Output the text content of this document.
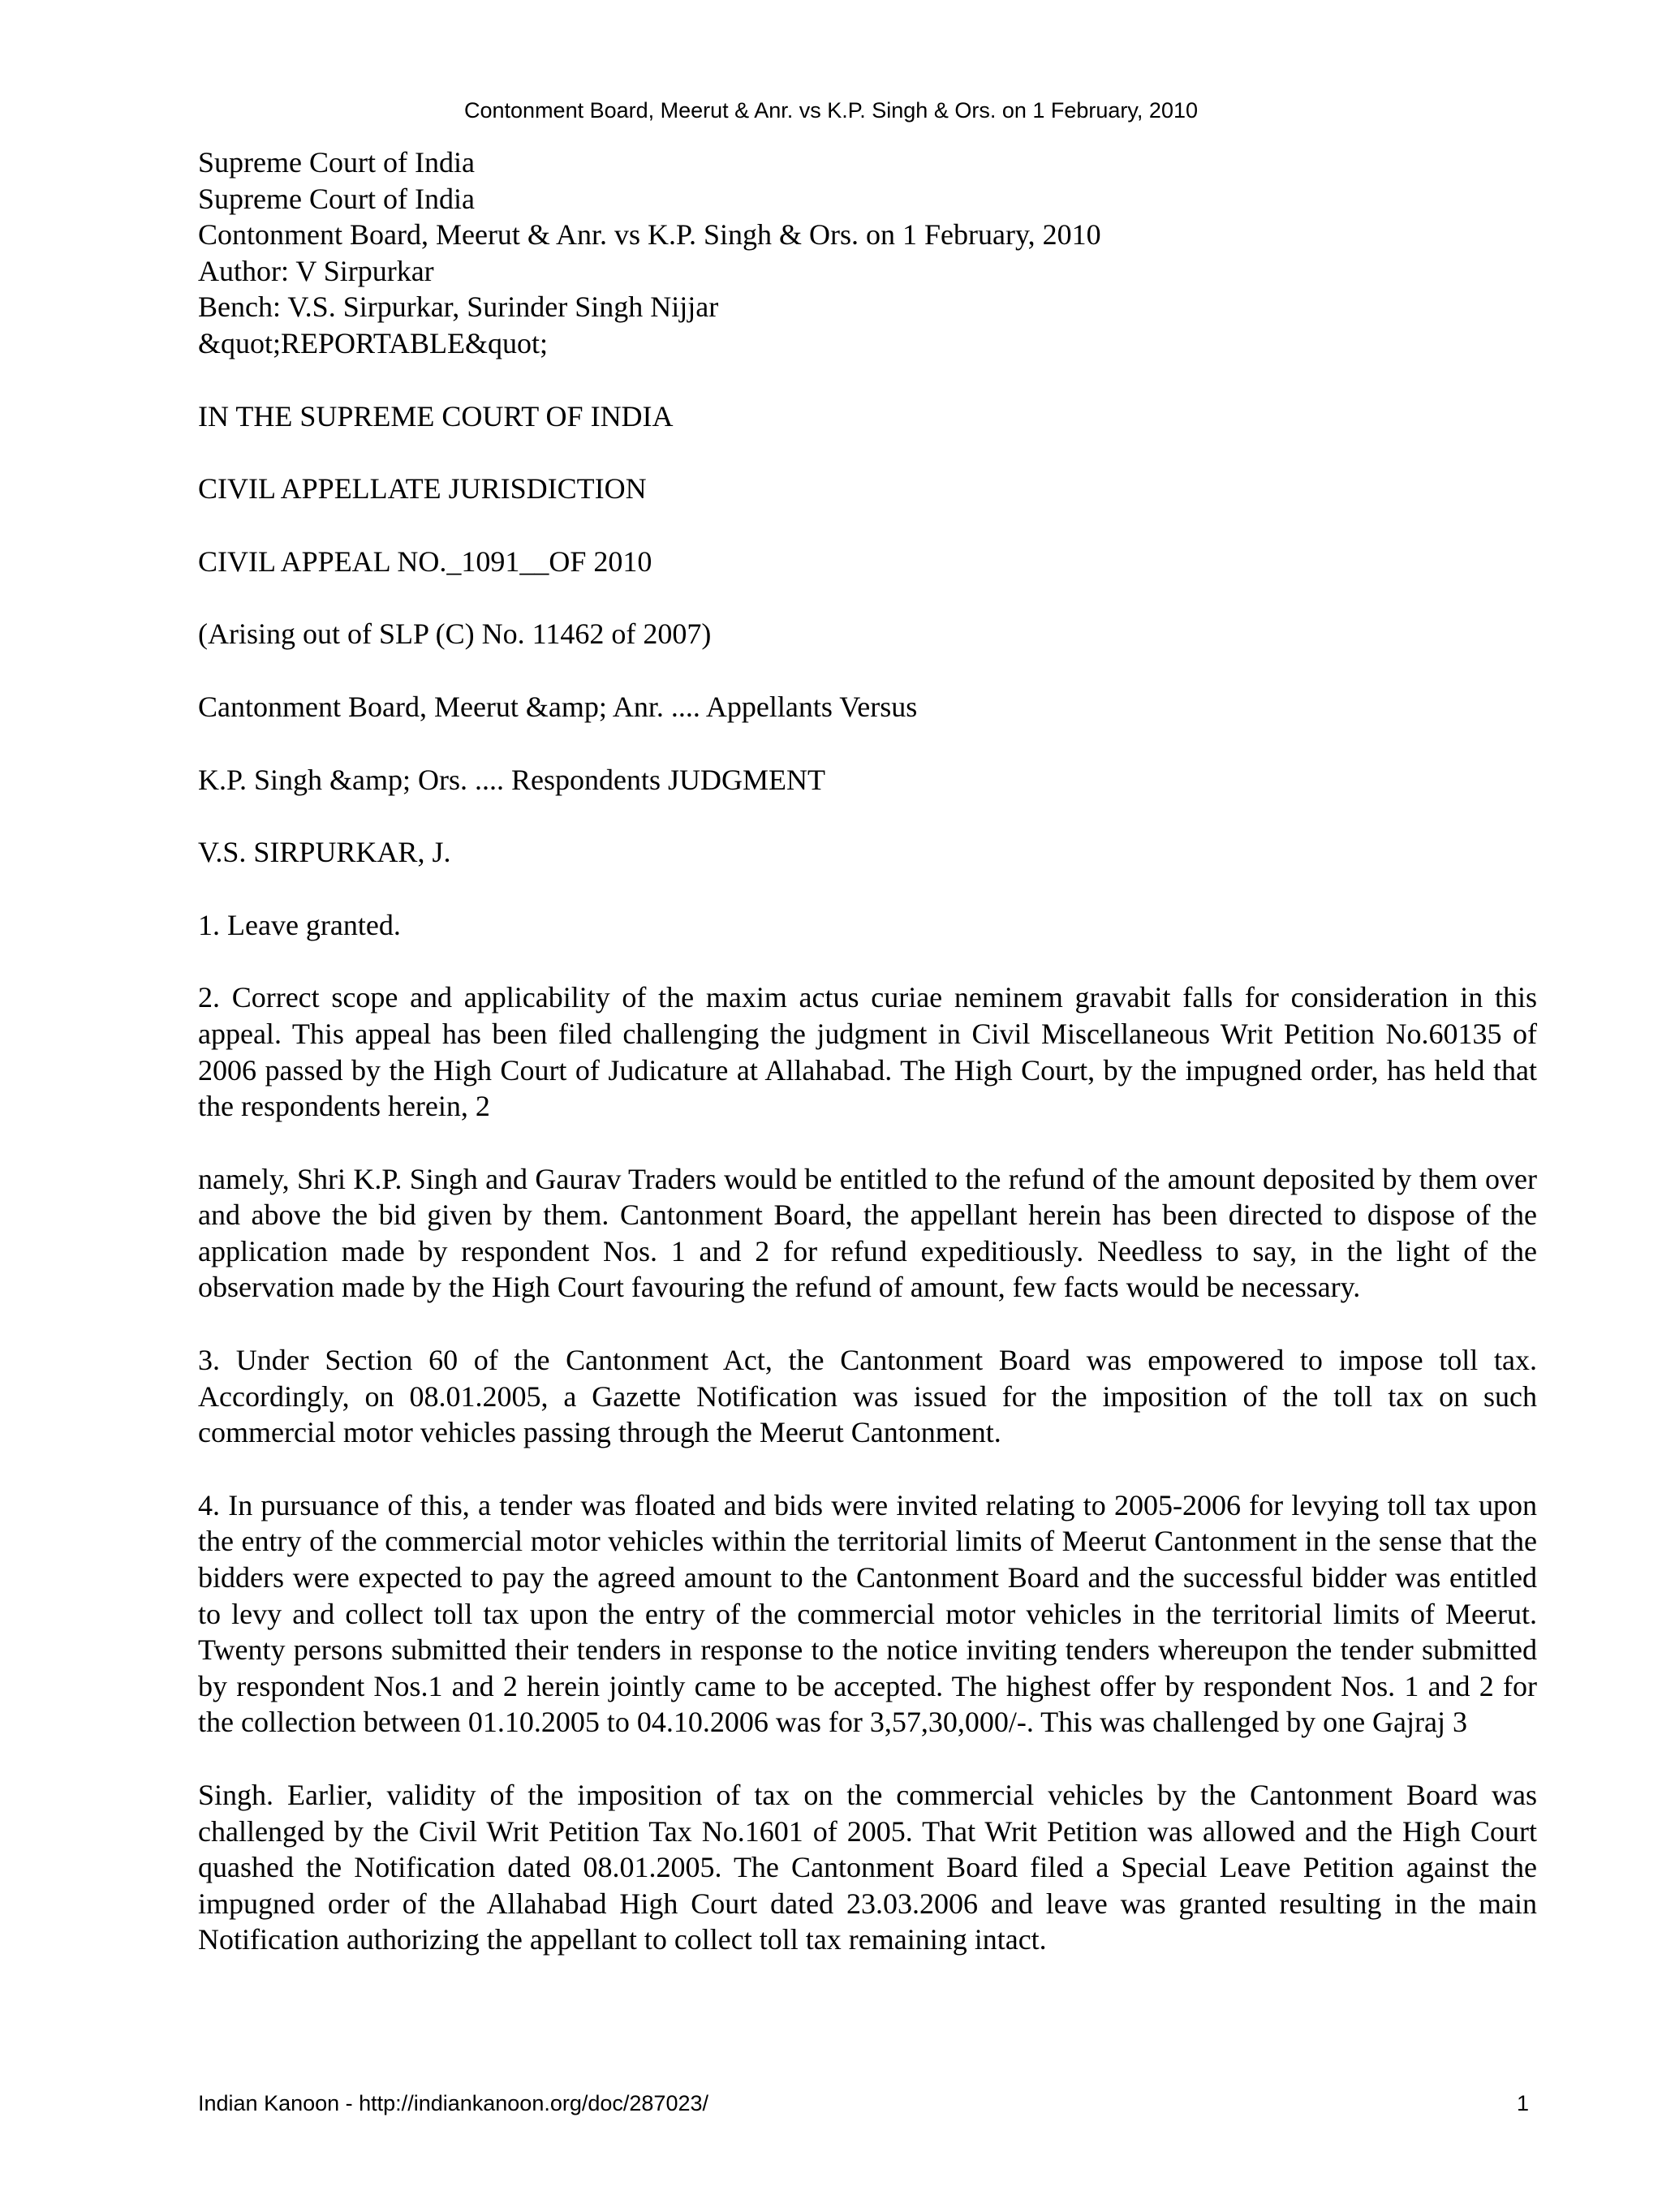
Contonment Board, Meerut & Anr. vs K.P. Singh & Ors. on 1 February, 2010

Supreme Court of India

Supreme Court of India

Contonment Board, Meerut & Anr. vs K.P. Singh & Ors. on 1 February, 2010

Author: V Sirpurkar

Bench: V.S. Sirpurkar, Surinder Singh Nijjar

&quot;REPORTABLE&quot;

IN THE SUPREME COURT OF INDIA

CIVIL APPELLATE JURISDICTION

CIVIL APPEAL NO._1091__OF 2010

(Arising out of SLP (C) No. 11462 of 2007)

Cantonment Board, Meerut &amp; Anr. .... Appellants Versus

K.P. Singh &amp; Ors. .... Respondents JUDGMENT

V.S. SIRPURKAR, J.

1. Leave granted.

2. Correct scope and applicability of the maxim actus curiae neminem gravabit falls for consideration in this appeal. This appeal has been filed challenging the judgment in Civil Miscellaneous Writ Petition No.60135 of 2006 passed by the High Court of Judicature at Allahabad. The High Court, by the impugned order, has held that the respondents herein, 2

namely, Shri K.P. Singh and Gaurav Traders would be entitled to the refund of the amount deposited by them over and above the bid given by them. Cantonment Board, the appellant herein has been directed to dispose of the application made by respondent Nos. 1 and 2 for refund expeditiously. Needless to say, in the light of the observation made by the High Court favouring the refund of amount, few facts would be necessary.

3. Under Section 60 of the Cantonment Act, the Cantonment Board was empowered to impose toll tax. Accordingly, on 08.01.2005, a Gazette Notification was issued for the imposition of the toll tax on such commercial motor vehicles passing through the Meerut Cantonment.

4. In pursuance of this, a tender was floated and bids were invited relating to 2005-2006 for levying toll tax upon the entry of the commercial motor vehicles within the territorial limits of Meerut Cantonment in the sense that the bidders were expected to pay the agreed amount to the Cantonment Board and the successful bidder was entitled to levy and collect toll tax upon the entry of the commercial motor vehicles in the territorial limits of Meerut. Twenty persons submitted their tenders in response to the notice inviting tenders whereupon the tender submitted by respondent Nos.1 and 2 herein jointly came to be accepted. The highest offer by respondent Nos. 1 and 2 for the collection between 01.10.2005 to 04.10.2006 was for 3,57,30,000/-. This was challenged by one Gajraj 3

Singh. Earlier, validity of the imposition of tax on the commercial vehicles by the Cantonment Board was challenged by the Civil Writ Petition Tax No.1601 of 2005. That Writ Petition was allowed and the High Court quashed the Notification dated 08.01.2005. The Cantonment Board filed a Special Leave Petition against the impugned order of the Allahabad High Court dated 23.03.2006 and leave was granted resulting in the main Notification authorizing the appellant to collect toll tax remaining intact.

Indian Kanoon - http://indiankanoon.org/doc/287023/	1
